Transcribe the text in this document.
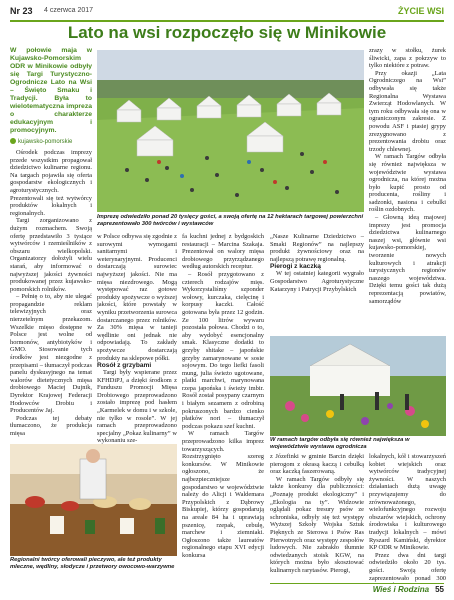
Nr 23 4 czerwca 2017	ŻYCIE WSI
Lato na wsi rozpoczęło się w Minikowie

W połowie maja w Kujawsko-Pomorskim ODR w Minikowie odbyły się Targi Turystyczno-Ogrodnicze Lato na Wsi – Święto Smaku i Tradycji. Była to wielotematyczna impreza o charakterze edukacyjnym i promocyjnym.

kujawsko-pomorskie

Ośrodek podczas imprezy przede wszystkim propagował dziedzictwo kulinarne regionu. Na targach pojawiła się oferta gospodarstw ekologicznych i agroturystycznych. Prezentowali się też wytwórcy produktów lokalnych i regionalnych.

Targi zorganizowano z dużym rozmachem. Swoją ofertę przedstawiło 3 tysiące wytwórców i rzemieślników z obszaru wielkopolski. Organizatorzy dołożyli wielu starań, aby informować o najwyższej jakości żywności produkowanej przez kujawsko-pomorskich rolników.

– Pełnię o to, aby nie ulegać propagandzie reklam telewizyjnych oraz nierzetelnym przekazom. Wszelkie mięso dostępne w Polsce jest wolne od hormonów, antybiotyków i GMO. Stosowanie tych środków jest niezgodne z przepisami – tłumaczył podczas panelu dyskusyjnego na temat walorów dietetycznych mięsa drobiowego Maciej Dujnik, Dyrektor Krajowej Federacji Hodowców Drobiu i Producentów Jaj.

Podczas tej debaty tłumaczono, że produkcja mięsa

Imprezę odwiedziło ponad 20 tysięcy gości, a swoją ofertę na 12 hektarach targowej powierzchni zaprezentowało 300 twórców i wystawców

w Polsce odbywa się zgodnie z surowymi wymogami sanitarnymi i weterynaryjnymi. Producenci dostarczają surowiec najwyższej jakości. Nie ma mięsa niezdrowego. Mogą występować raz gotowe produkty spożywcze o wyższej jakości, które powstały w wyniku przetworzenia surowca dostarczanego przez rolników. Za 30% mięsa w tanieji wędlinie oni jednak nie odpowiadają. To zakłady spożywcze dostarczają produkty na sklepowe półki.

Rosół z grzybami

Targi były wspierane przez KFHDiPJ, a dzięki środkom z Funduszu Promocji Mięsa Drobiowego przeprowadzono zostało imprezę pod hasłem „Karmelek w domu i w szkole, nie tylko w rosole”. W jej ramach przeprowadzono specjalny „Pokaz kulinarny” w wykonaniu sze-

fa kuchni jednej z bydgoskich restauracji – Marcina Szakaja. Prezentował on walory mięsa drobiowego przyrządzanego według autorskich receptur.

– Rosół przygotowano z czterech rodzajów mięs. Wykorzystaliśmy szponder wołowy, kurczaka, cielęcinę i korpusy kaczki. Całość gotowana była przez 12 godzin. Ze 100 litrów wywaru pozostała połowa. Chodzi o to, aby wydobyć esencjonalny smak. Klasyczne dodatki to grzyby shitake – japońskie grzyby zamarynowane w sosie sojowym. Do tego liefki fasoli mung, julia świeżo ugotowane, platki marchwi, marynowana rzepa japońska i świeży imbir. Rosół został posypany czarnym i białym sezamem z odrobiną pokruszonych bardzo cienko płatków nori – tłumaczył podczas pokazu szef kuchni.

W ramach Targów przeprowadzono kilka imprez towarzyszących. Rozstrzygnięto szereg konkursów. W Minikowie ogłoszono, że najbezpieczniejsze gospodarstwo w województwie należy do Alicji i Waldemara Przypolskich z Dąbrowy Biskupiej, którzy gospodarują na areale 84 ha i uprawiają pszenicę, rzepak, cebulę, marchew i ziemniaki. Ogłoszono także laureatów regionalnego etapu XVI edycji konkursa

„Nasze Kulinarne Dziedzictwo – Smaki Regionów” na najlepszy produkt żywnościowy oraz na najlepszą potrawę regionalną.

Pierogi z kaczką

W tej ostatniej kategorii wygrało Gospodarstwo Agroturystyczne Katarzyny i Patrycji Przybylskich

W ramach targów odbyła się również największa w województwie wystawa ogrodnicza

z Józefinki w gminie Barcin dzięki pierogom z okrasą kaczą i cebulką oraz kaczką faszerowaną.

W ramach Targów odbyły się także konkursy dla publiczności: „Poznaję produkt ekologiczny” i „Ekologia na ty”. Widzowie oglądali pokaz tresury psów ze schroniska, odbyły się też występy Wyższej Szkoły Wojska Sztuk Pięknych ze Sterowa i Psów Ras Pierwotnych oraz występy zespołów ludowych. Nie zabrakło tłumnie odwiedzanych stoisk KGW, na których można było skosztować kulinarnych rarytasów. Pierogi,

zrazy w stołku, żurek śliwicki, zapa z pokrzyw to tylko niektóre z potraw.

Przy okazji „Lata Ogrodniczego na Wsi” odbywała się także Regionalna Wystawa Zwierząt Hodowlanych. W tym roku odbywała się ona w ograniczonym zakresie. Z powodu ASF i ptasiej grypy zrezygnowano z prezentowania drobiu oraz trzody chlewnej.

W ramach Targów odbyła się również największa w województwie wystawa ogrodnicza, na której można było kupić prosto od producenta, rośliny i sadzonki, nasiona i cebulki roślin ozdobnych.

– Głowną ideą majowej imprezy jest promocja dziedzictwa kulinarnego naszej wsi, głównie wsi kujawsko-pomorskiej, tworzenie nowych kulturowych i atrakcji turystycznych regionów naszego województwa. Dzięki temu gości tak dużą reprezentacją powiatów, samorządów

lokalnych, kół i stowarzyszeń kobiet wiejskich oraz wytwórców tradycyjnej żywności. W naszych działaniach dużą uwagę przywiązujemy do zrównoważonego, wielofunkcyjnego rozwoju obszarów wiejskich, ochrony środowiska i kulturowego tradycji lokalnych – mówi Ryszard Kamiński, dyrektor KP ODR w Minikowie.

Przez dwa dni targi odwiedziło około 20 tys. gości. Swoją ofertę zaprezentowało ponad 300

Regionalni twórcy oferowali pieczywo, ale też produkty mleczne, wędliny, słodycze i przetwory owocowo-warzywne
Wieś i Rodzina 55
